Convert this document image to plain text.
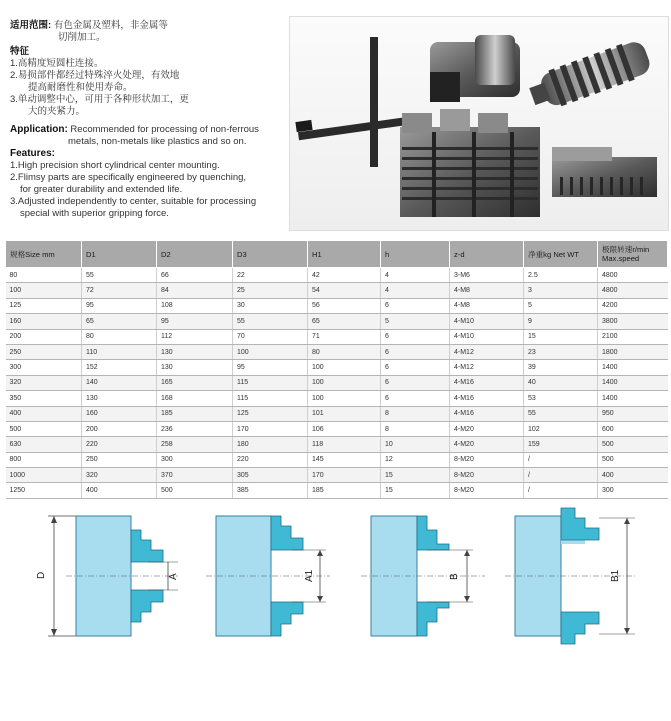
适用范围: 有色金属及塑料，非金属等

切削加工。

特征

1.高精度短圆柱连接。

2.易损部件都经过特殊淬火处理，有效地

提高耐磨性和使用寿命。

3.单动调整中心，可用于各种形状加工，更

大的夹紧力。

Application: Recommended for processing of non-ferrous

metals, non-metals like plastics and so on.

Features:

1.High precision short cylindrical center mounting.

2.Flimsy parts are specifically engineered by quenching,

for greater durability and extended life.

3.Adjusted independently to center, suitable for processing

special with superior gripping force.

规格Size mm	D1	D2	D3	H1	h	z-d	净重kg Net WT	极限转速r/min Max.speed
80	55	66	22	42	4	3-M6	2.5	4800
100	72	84	25	54	4	4-M8	3	4800
125	95	108	30	56	6	4-M8	5	4200
160	65	95	55	65	5	4-M10	9	3800
200	80	112	70	71	6	4-M10	15	2100
250	110	130	100	80	6	4-M12	23	1800
300	152	130	95	100	6	4-M12	39	1400
320	140	165	115	100	6	4-M16	40	1400
350	130	168	115	100	6	4-M16	53	1400
400	160	185	125	101	8	4-M16	55	950
500	200	236	170	106	8	4-M20	102	600
630	220	258	180	118	10	4-M20	159	500
800	250	300	220	145	12	8-M20	/	500
1000	320	370	305	170	15	8-M20	/	400
1250	400	500	385	185	15	8-M20	/	300
D	A	A1	B	B1
